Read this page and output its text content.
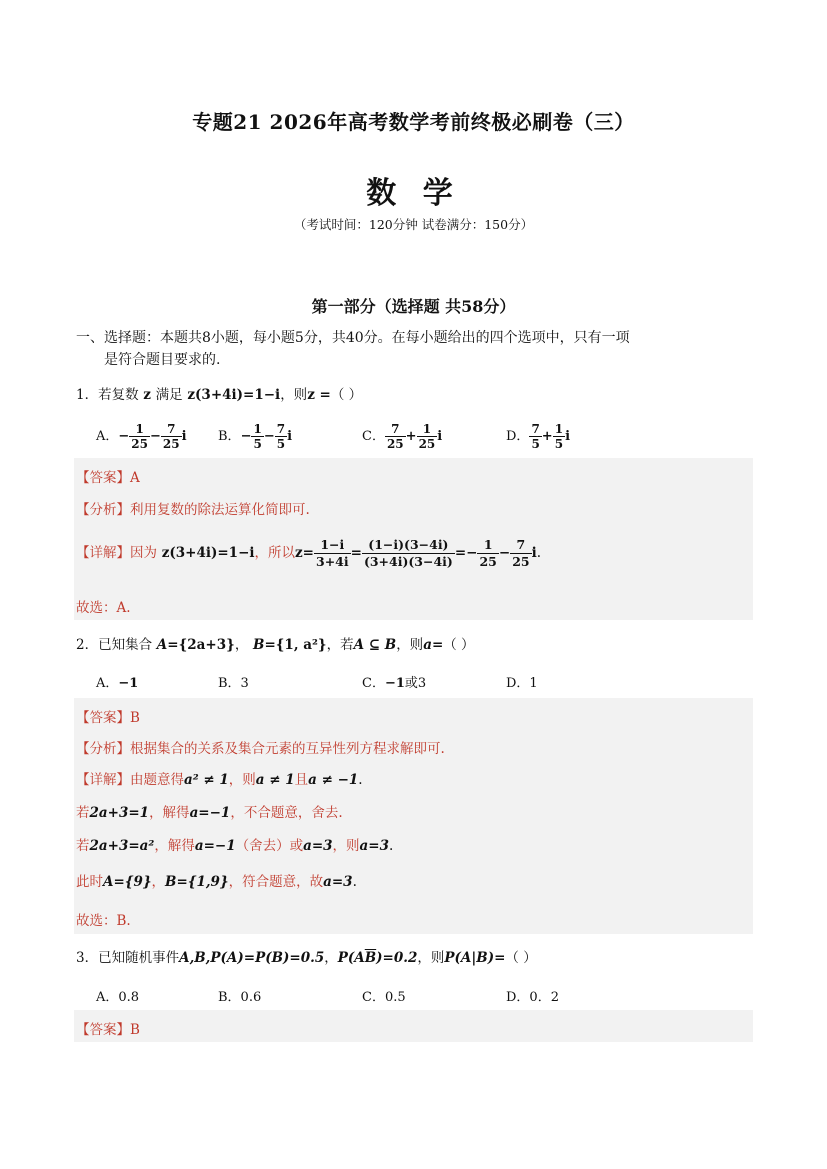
专题21 2026年高考数学考前终极必刷卷（三）
数 学
（考试时间：120分钟 试卷满分：150分）
第一部分（选择题 共58分）
一、选择题：本题共8小题，每小题5分，共40分。在每小题给出的四个选项中，只有一项
是符合题目要求的.
1．若复数 z 满足 z(3+4i)=1−i，则z =（ ）
A．− $\frac{1}{25} - \frac{7}{25}$ i B．− $\frac{1}{5} - \frac{7}{5}$ i	C． $\frac{7}{25} + \frac{1}{25}$ i	D． $\frac{7}{5} + \frac{1}{5}$ i
【答案】A
【分析】利用复数的除法运算化简即可.
【详解】因为 z(3+4i)=1−i，所以$z= \frac{1-i}{3+4i} = \frac{(1-i)(3-4i)}{(3+4i)(3-4i)} =- \frac{1}{25} - \frac{7}{25} i$.
故选：A.
2．已知集合 A={2a+3}， B={1, a²}，若A ⊆ B，则a=（ ）
A．−1	B．3	C．−1或3	D．1
【答案】B
【分析】根据集合的关系及集合元素的互异性列方程求解即可.
【详解】由题意得a² ≠ 1，则a ≠ 1且a ≠ −1.
若2a+3=1，解得a=−1，不合题意，舍去.
若2a+3=a²，解得a=−1（舍去）或a=3，则a=3.
此时A={9}，B={1,9}，符合题意，故a=3.
故选：B.
3．已知随机事件A,B,P(A)=P(B)=0.5，$P(A\overline{B})=0.2$，则P(A|B)=（ ）
A．0.8	B．0.6	C．0.5	D．0．2
【答案】B
